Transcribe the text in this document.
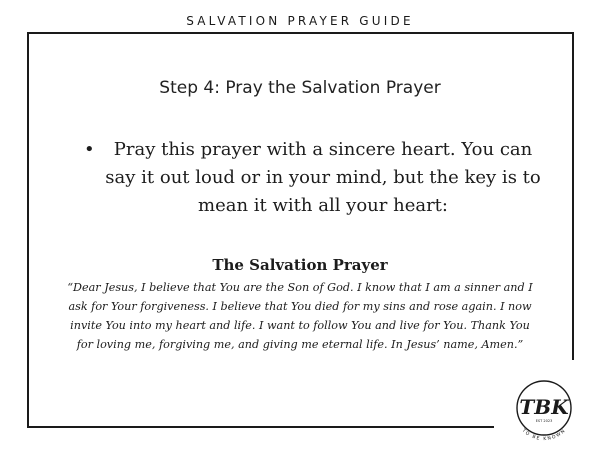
SALVATION PRAYER GUIDE
Step 4: Pray the Salvation Prayer
•	Pray this prayer with a sincere heart. You can say it out loud or in your mind, but the key is to mean it with all your heart:
The Salvation Prayer
“Dear Jesus, I believe that You are the Son of God. I know that I am a sinner and I ask for Your forgiveness. I believe that You died for my sins and rose again. I now invite You into my heart and life. I want to follow You and live for You. Thank You for loving me, forgiving me, and giving me eternal life. In Jesus’ name, Amen.”
TBK
EST 2023
TO BE KNOWN
